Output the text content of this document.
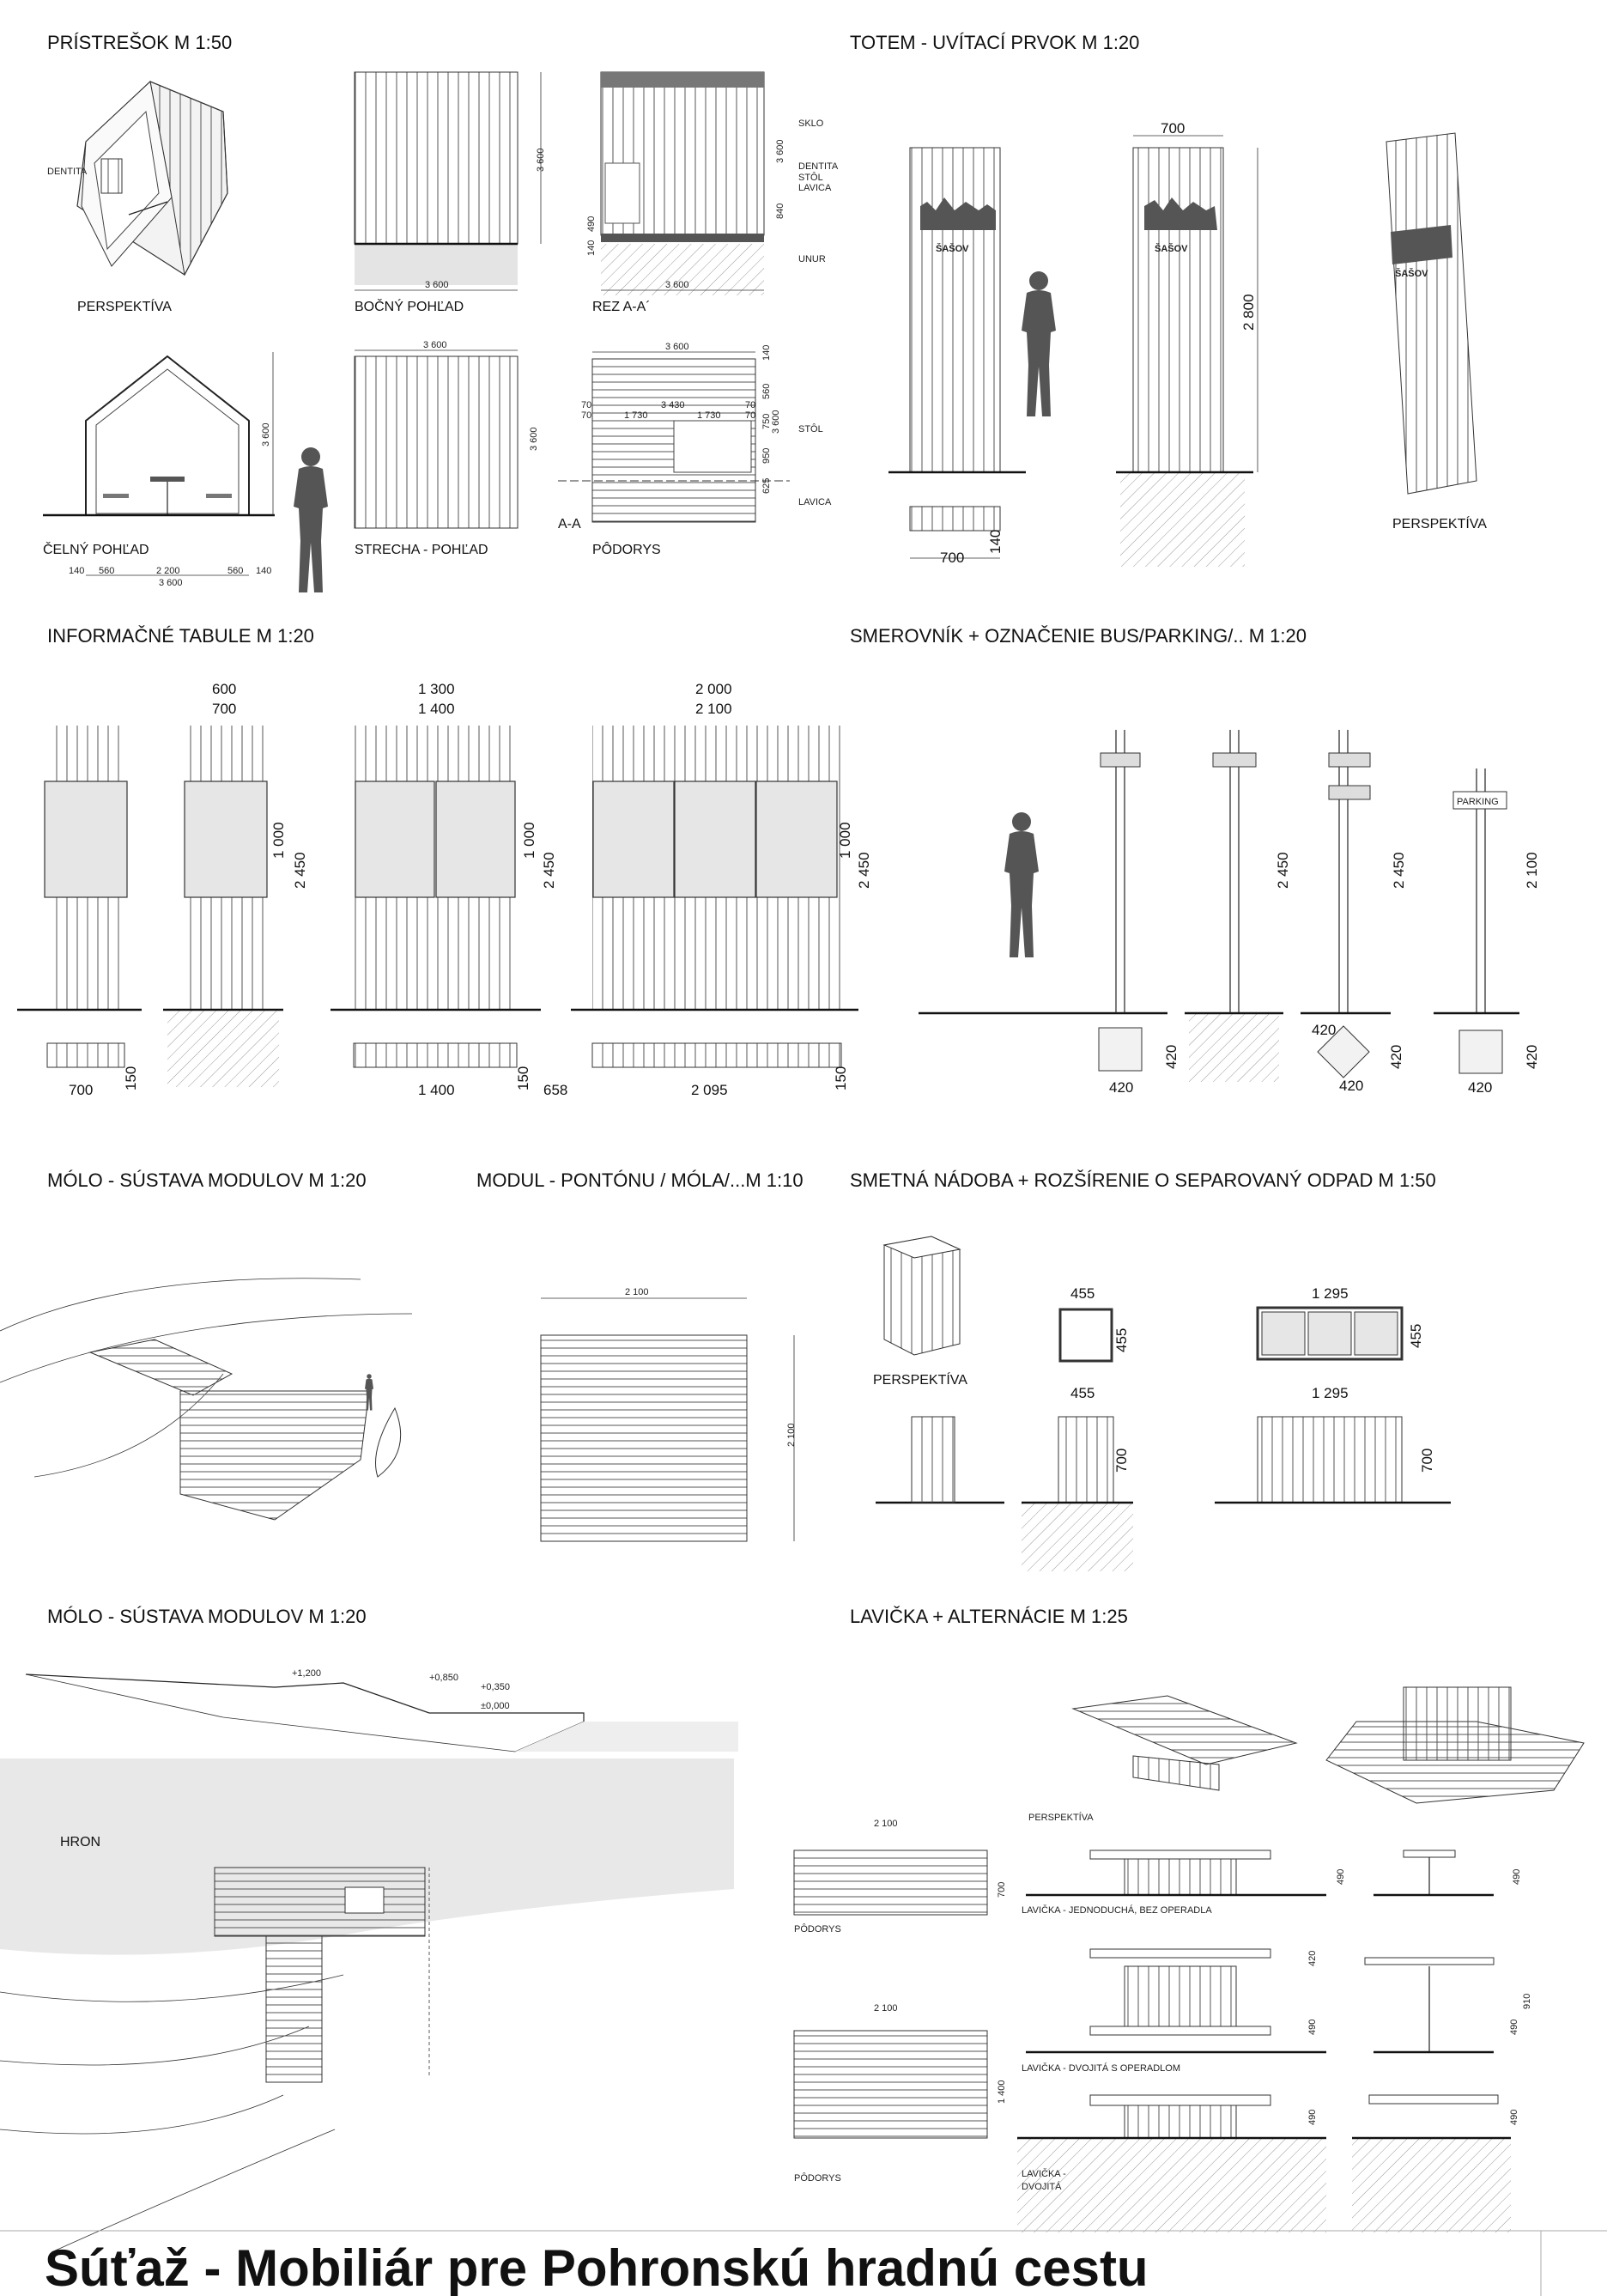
PRÍSTREŠOK M 1:50
DENTITA
PERSPEKTÍVA
3 600
3 600
BOČNÝ POHĽAD
SKLO
DENTITA
STÔL
LAVICA
UNUR
3 600
840
490
140
3 600
REZ A-A´
3 600
ČELNÝ POHĽAD
140 560	2 200	560 140
3 600
3 600
3 600
STRECHA - POHĽAD
3 600
3 430
1 730	1 730
70
70
70
70
140
560
750
950
625
3 600 STÔL
LAVICA
A-A
PÔDORYS
TOTEM - UVÍTACÍ PRVOK M 1:20
ŠAŠOV
700
140
ŠAŠOV
700
2 800
ŠAŠOV
PERSPEKTÍVA
INFORMAČNÉ TABULE M 1:20
700 150
600
700
1 000
2 450
1 300
1 400
1 000
2 450
1 400	150 658
2 000
2 100
1 000
2 450
2 095	150
SMEROVNÍK + OZNAČENIE BUS/PARKING/.. M 1:20
420
420
2 450
420
420
2 450
420
PARKING
420
2 100
420
MÓLO - SÚSTAVA MODULOV M 1:20	MODUL - PONTÓNU / MÓLA/...M 1:10
2 100
2 100
SMETNÁ NÁDOBA + ROZŠÍRENIE O SEPAROVANÝ ODPAD M 1:50
PERSPEKTÍVA
455
455
455
700
1 295
455
1 295
700
MÓLO - SÚSTAVA MODULOV M 1:20
+1,200	+0,850
+0,350
±0,000
HRON
LAVIČKA + ALTERNÁCIE M 1:25
PERSPEKTÍVA
2 100
700
PÔDORYS
LAVIČKA - JEDNODUCHÁ, BEZ OPERADLA
490	490
2 100
1 400
PÔDORYS
LAVIČKA - DVOJITÁ S OPERADLOM
420
490	490
910
LAVIČKA -
DVOJITÁ
490	490
Súťaž - Mobiliár pre Pohronskú hradnú cestu
